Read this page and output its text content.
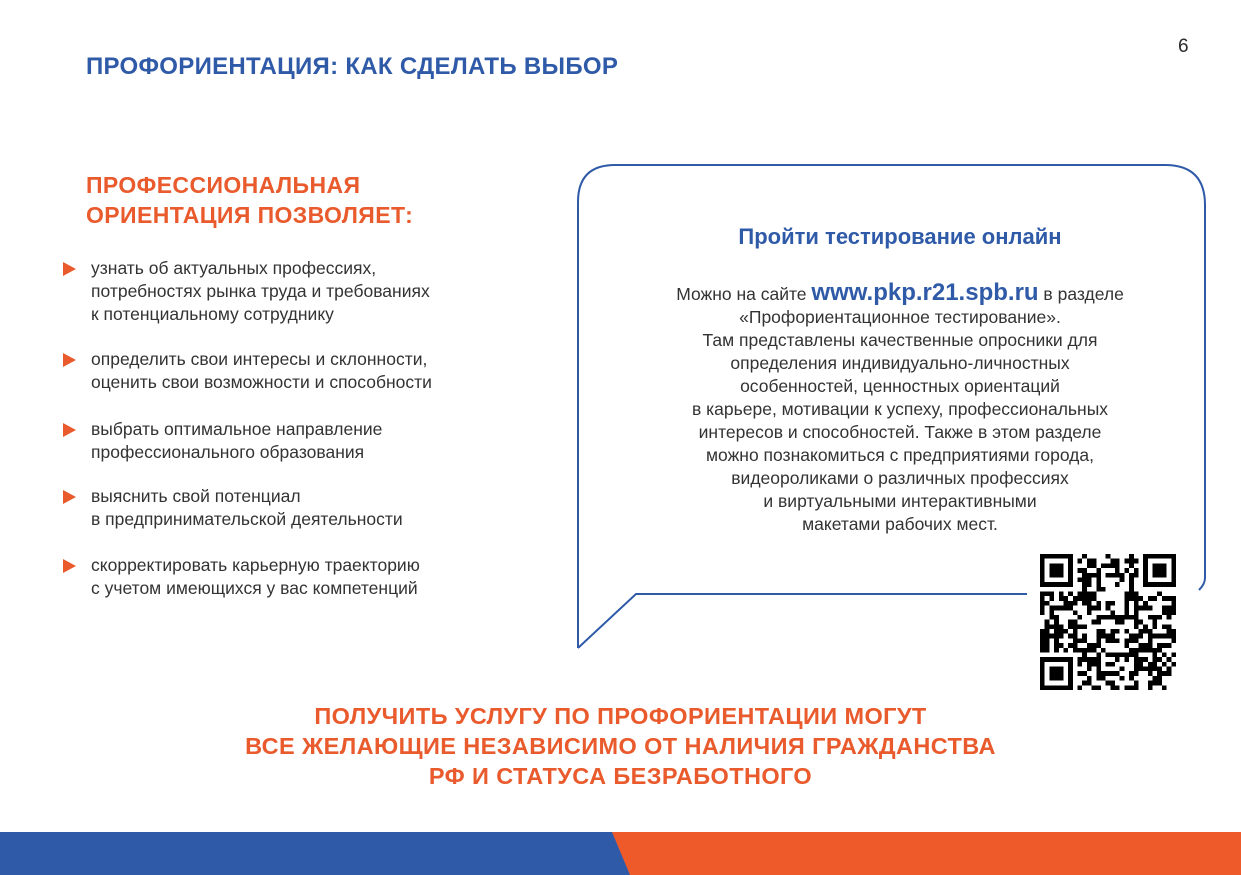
6
ПРОФОРИЕНТАЦИЯ: КАК СДЕЛАТЬ ВЫБОР
ПРОФЕССИОНАЛЬНАЯ
ОРИЕНТАЦИЯ ПОЗВОЛЯЕТ:
узнать об актуальных профессиях,
потребностях рынка труда и требованиях
к потенциальному сотруднику
определить свои интересы и склонности,
оценить свои возможности и способности
выбрать оптимальное направление
профессионального образования
выяснить свой потенциал
в предпринимательской деятельности
скорректировать карьерную траекторию
с учетом имеющихся у вас компетенций
Пройти тестирование онлайн
Можно на сайте www.pkp.r21.spb.ru в разделе
«Профориентационное тестирование».
Там представлены качественные опросники для
определения индивидуально-личностных
особенностей, ценностных ориентаций
в карьере, мотивации к успеху, профессиональных
интересов и способностей. Также в этом разделе
можно познакомиться с предприятиями города,
видеороликами о различных профессиях
и виртуальными интерактивными
макетами рабочих мест.
ПОЛУЧИТЬ УСЛУГУ ПО ПРОФОРИЕНТАЦИИ МОГУТ
ВСЕ ЖЕЛАЮЩИЕ НЕЗАВИСИМО ОТ НАЛИЧИЯ ГРАЖДАНСТВА
РФ И СТАТУСА БЕЗРАБОТНОГО
